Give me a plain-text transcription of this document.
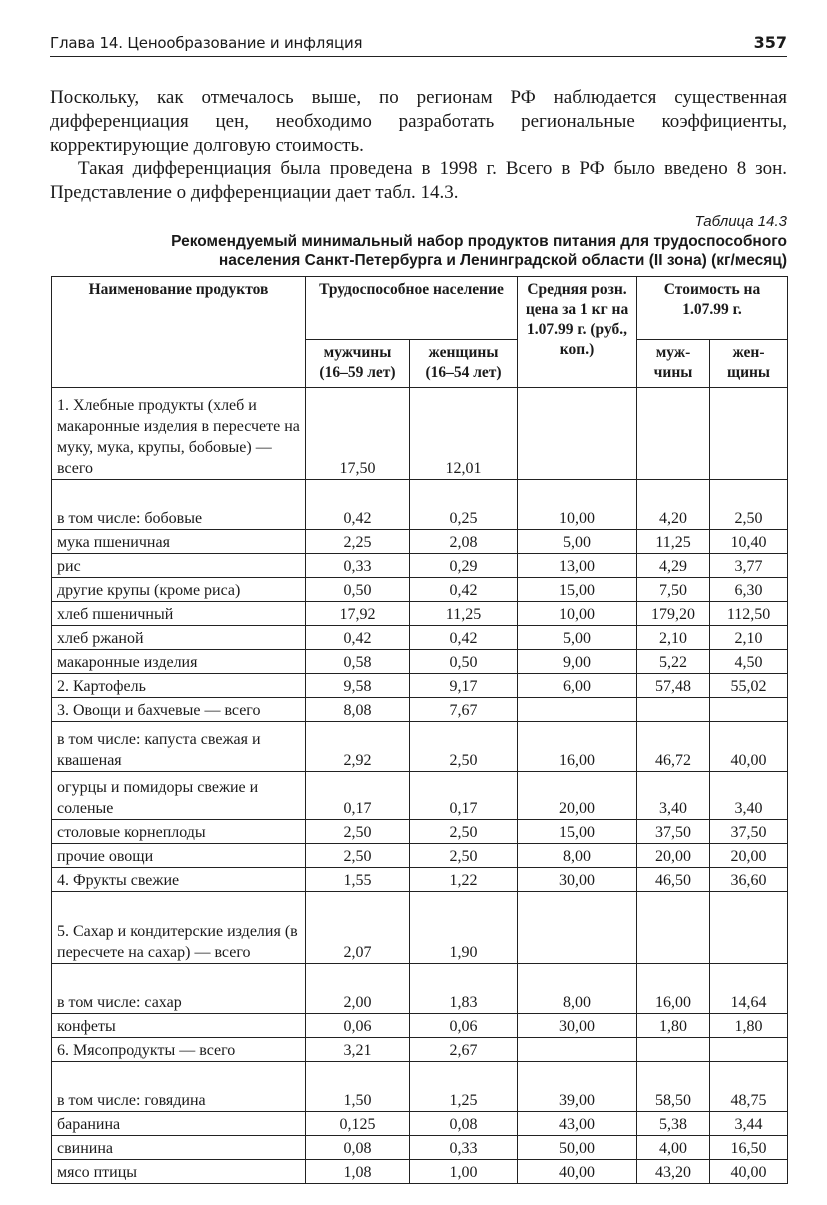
Глава 14. Ценообразование и инфляция	357
Поскольку, как отмечалось выше, по регионам РФ наблюдается существенная дифференциация цен, необходимо разработать региональные коэффициенты, корректирующие долговую стоимость.
Такая дифференциация была проведена в 1998 г. Всего в РФ было введено 8 зон. Представление о дифференциации дает табл. 14.3.
Таблица 14.3
Рекомендуемый минимальный набор продуктов питания для трудоспособного населения Санкт-Петербурга и Ленинградской области (II зона) (кг/месяц)
Наименование продуктов	Трудоспособное население		Средняя розн. цена за 1 кг на 1.07.99 г. (руб., коп.)	Стоимость на 1.07.99 г.	
	мужчины (16–59 лет)	женщины (16–54 лет)		муж-чины	жен-щины
1. Хлебные продукты (хлеб и макаронные изделия в пересчете на муку, мука, крупы, бобовые) — всего	17,50	12,01			
в том числе: бобовые	0,42	0,25	10,00	4,20	2,50
мука пшеничная	2,25	2,08	5,00	11,25	10,40
рис	0,33	0,29	13,00	4,29	3,77
другие крупы (кроме риса)	0,50	0,42	15,00	7,50	6,30
хлеб пшеничный	17,92	11,25	10,00	179,20	112,50
хлеб ржаной	0,42	0,42	5,00	2,10	2,10
макаронные изделия	0,58	0,50	9,00	5,22	4,50
2. Картофель	9,58	9,17	6,00	57,48	55,02
3. Овощи и бахчевые — всего	8,08	7,67			
в том числе: капуста свежая и квашеная	2,92	2,50	16,00	46,72	40,00
огурцы и помидоры свежие и соленые	0,17	0,17	20,00	3,40	3,40
столовые корнеплоды	2,50	2,50	15,00	37,50	37,50
прочие овощи	2,50	2,50	8,00	20,00	20,00
4. Фрукты свежие	1,55	1,22	30,00	46,50	36,60
5. Сахар и кондитерские изделия (в пересчете на сахар) — всего	2,07	1,90			
в том числе: сахар	2,00	1,83	8,00	16,00	14,64
конфеты	0,06	0,06	30,00	1,80	1,80
6. Мясопродукты — всего	3,21	2,67			
в том числе: говядина	1,50	1,25	39,00	58,50	48,75
баранина	0,125	0,08	43,00	5,38	3,44
свинина	0,08	0,33	50,00	4,00	16,50
мясо птицы	1,08	1,00	40,00	43,20	40,00
